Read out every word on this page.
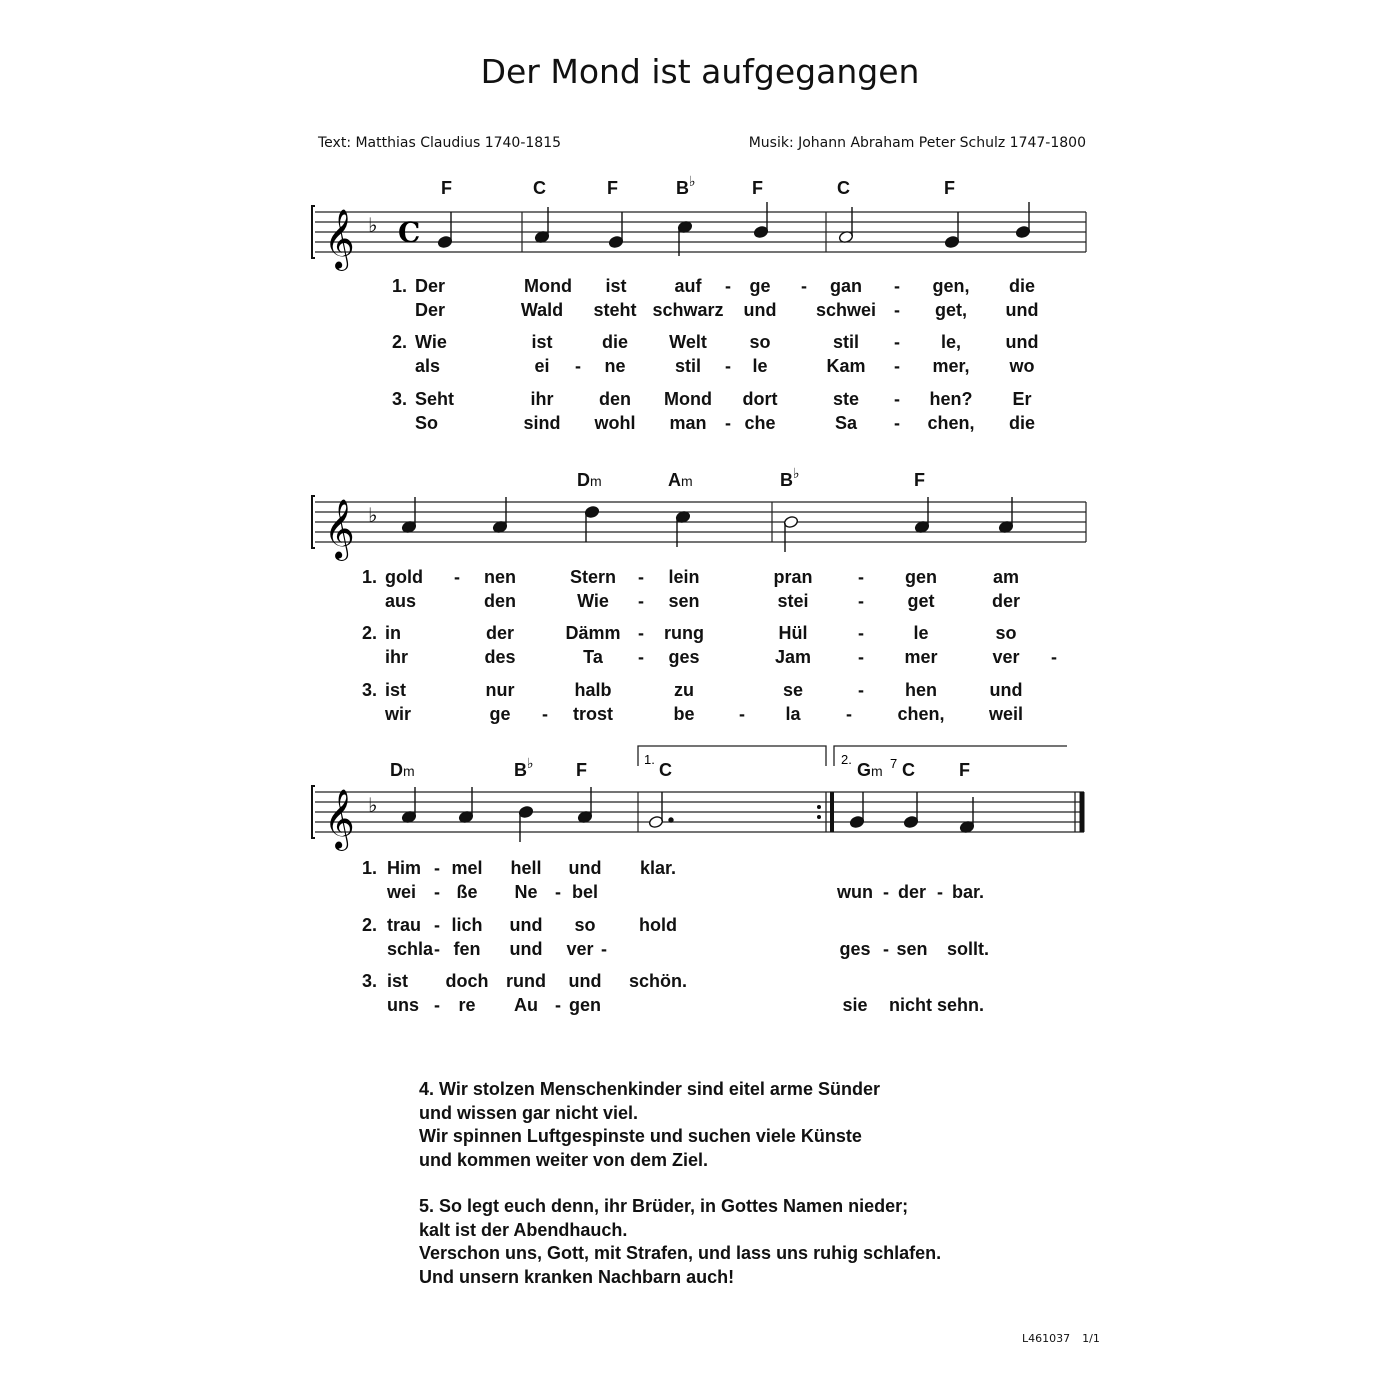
Der Mond ist aufgegangen
Text: Matthias Claudius 1740-1815	Musik: Johann Abraham Peter Schulz 1747-1800
F	C	F	B ♭	F	C	F
𝄞 ♭ C
1. Der	Mond ist	auf - ge - gan - gen, die
Der	Wald steht schwarz und schwei - get, und
2. Wie	ist	die Welt so	stil - le, und
als	ei - ne	stil - le	Kam - mer, wo
3. Seht	ihr	den Mond dort	ste - hen? Er
So	sind wohl man - che	Sa - chen, die
Dm	Am	B ♭	F
𝄞 ♭
1. gold - nen	Stern - lein	pran	- gen	am
aus	den	Wie - sen	stei	- get	der
2. in	der	Dämm - rung	Hül	-	le	so
ihr	des	Ta - ges	Jam	- mer	ver -
3. ist	nur	halb	zu	se	- hen	und
wir	ge - trost	be - la	-	chen, weil
1.	2.
Dm	B ♭ F	C	Gm 7 C F
𝄞 ♭
1. Him - mel hell und klar.
wei - ße Ne - bel	wun - der - bar.
2. trau - lich und so hold
schla - fen und ver -	ges - sen sollt.
3. ist doch rund und schön.
uns - re Au - gen	sie nicht sehn.
4. Wir stolzen Menschenkinder sind eitel arme Sünder
und wissen gar nicht viel.
Wir spinnen Luftgespinste und suchen viele Künste
und kommen weiter von dem Ziel.
5. So legt euch denn, ihr Brüder, in Gottes Namen nieder;
kalt ist der Abendhauch.
Verschon uns, Gott, mit Strafen, und lass uns ruhig schlafen.
Und unsern kranken Nachbarn auch!
L461037 1/1
